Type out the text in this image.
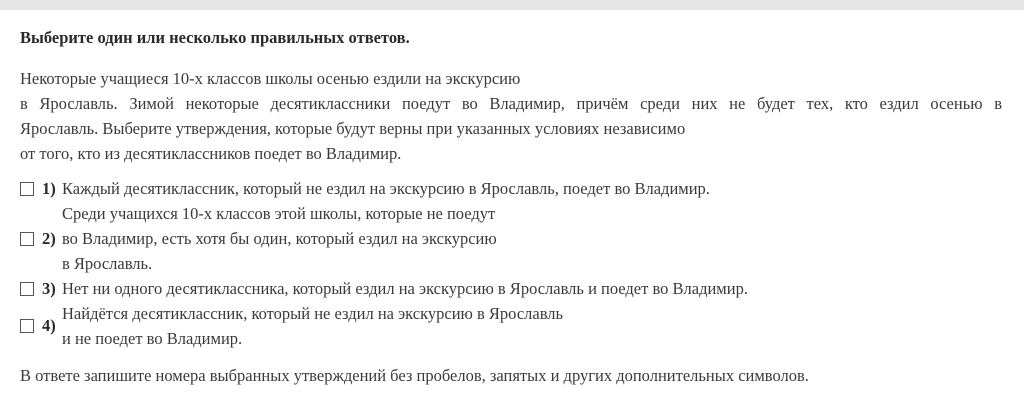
Выберите один или несколько правильных ответов.
Некоторые учащиеся 10-х классов школы осенью ездили на экскурсию
в Ярославль. Зимой некоторые десятиклассники поедут во Владимир, причём среди них не будет тех, кто ездил осенью в
Ярославль. Выберите утверждения, которые будут верны при указанных условиях независимо
от того, кто из десятиклассников поедет во Владимир.
1) Каждый десятиклассник, который не ездил на экскурсию в Ярославль, поедет во Владимир.
2)
Среди учащихся 10-х классов этой школы, которые не поедут
во Владимир, есть хотя бы один, который ездил на экскурсию
в Ярославль.
3) Нет ни одного десятиклассника, который ездил на экскурсию в Ярославль и поедет во Владимир.
4)
Найдётся десятиклассник, который не ездил на экскурсию в Ярославль
и не поедет во Владимир.
В ответе запишите номера выбранных утверждений без пробелов, запятых и других дополнительных символов.
